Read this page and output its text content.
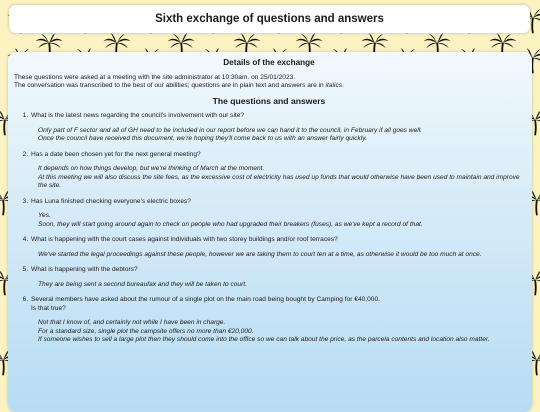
Sixth exchange of questions and answers
Details of the exchange

These questions were asked at a meeting with the site administrator at 10:30am. on 25/01/2023.

The conversation was transcribed to the best of our abilities; questions are in plain text and answers are in italics.

The questions and answers
1. What is the latest news regarding the council's involvement with our site?
Only part of F sector and all of GH need to be included in our report before we can hand it to the council, in February if all goes well.
Once the council have received this document, we're hoping they'll come back to us with an answer fairly quickly.
2. Has a date been chosen yet for the next general meeting?
It depends on how things develop, but we're thinking of March at the moment.
At this meeting we will also discuss the site fees, as the excessive cost of electricity has used up funds that would otherwise have been used to maintain and improve the site.
3. Has Luna finished checking everyone's electric boxes?
Yes.
Soon, they will start going around again to check on people who had upgraded their breakers (fuses), as we've kept a record of that.
4. What is happening with the court cases against individuals with two storey buildings and/or roof terraces?
We've started the legal proceedings against these people, however we are taking them to court ten at a time, as otherwise it would be too much at once.
5. What is happening with the debtors?
They are being sent a second bureaufax and they will be taken to court.
6. Several members have asked about the rumour of a single plot on the main road being bought by Camping for €40,000.
Is that true?
Not that I know of, and certainly not while I have been in charge.
For a standard size, single plot the campsite offers no more than €20,000.
If someone wishes to sell a large plot then they should come into the office so we can talk about the price, as the parcela contents and location also matter.
